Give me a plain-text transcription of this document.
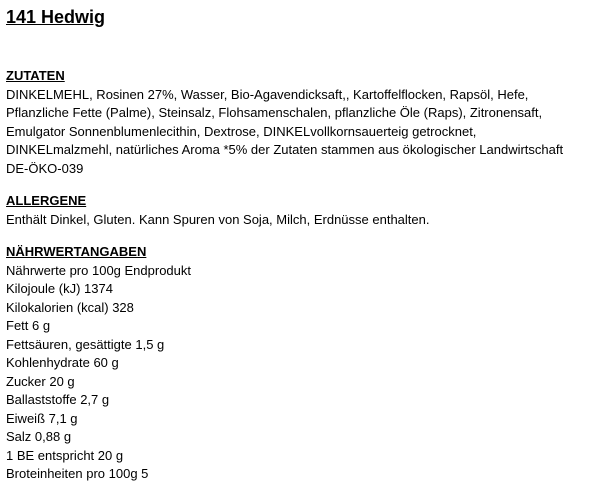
141 Hedwig
ZUTATEN
DINKELMEHL, Rosinen 27%, Wasser, Bio-Agavendicksaft,, Kartoffelflocken, Rapsöl, Hefe,
Pflanzliche Fette (Palme), Steinsalz, Flohsamenschalen, pflanzliche Öle (Raps), Zitronensaft,
Emulgator Sonnenblumenlecithin, Dextrose, DINKELvollkornsauerteig getrocknet,
DINKELmalzmehl, natürliches Aroma *5% der Zutaten stammen aus ökologischer Landwirtschaft
DE-ÖKO-039
ALLERGENE
Enthält Dinkel, Gluten. Kann Spuren von Soja, Milch, Erdnüsse enthalten.
NÄHRWERTANGABEN
Nährwerte pro 100g Endprodukt
Kilojoule (kJ) 1374
Kilokalorien (kcal) 328
Fett 6 g
Fettsäuren, gesättigte 1,5 g
Kohlenhydrate 60 g
Zucker 20 g
Ballaststoffe 2,7 g
Eiweiß 7,1 g
Salz 0,88 g
1 BE entspricht 20 g
Broteinheiten pro 100g 5
